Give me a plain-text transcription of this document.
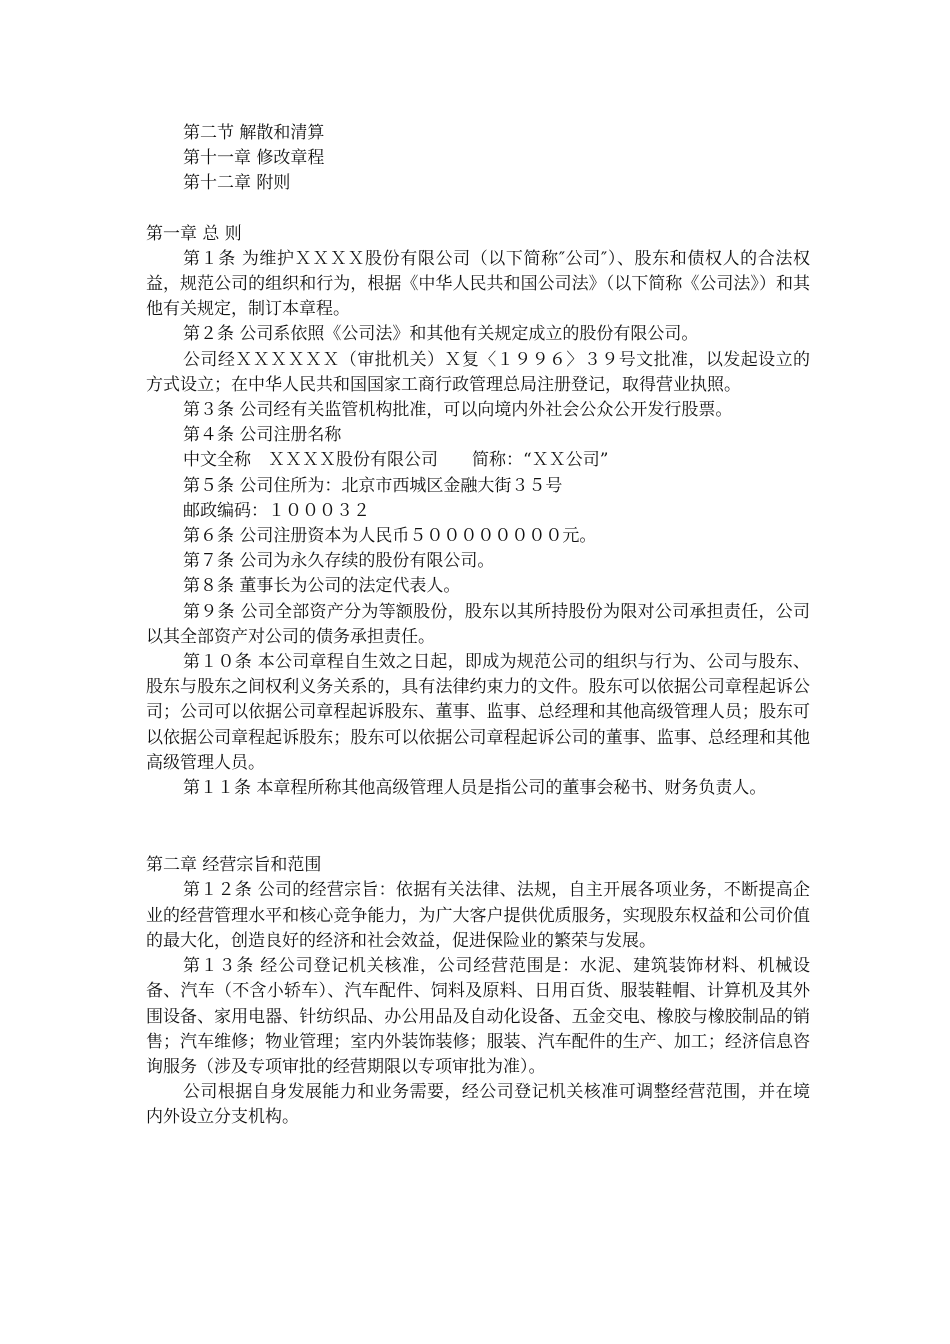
第二节 解散和清算
第十一章 修改章程
第十二章 附则

第一章 总 则

第１条 为维护ＸＸＸＸ股份有限公司（以下简称″公司″）、股东和债权人的合法权益，规范公司的组织和行为，根据《中华人民共和国公司法》（以下简称《公司法》）和其他有关规定，制订本章程。

第２条 公司系依照《公司法》和其他有关规定成立的股份有限公司。

公司经ＸＸＸＸＸＸ（审批机关）Ｘ复〈１９９６〉３９号文批准，以发起设立的方式设立；在中华人民共和国国家工商行政管理总局注册登记，取得营业执照。

第３条 公司经有关监管机构批准，可以向境内外社会公众公开发行股票。

第４条 公司注册名称

中文全称　ＸＸＸＸ股份有限公司　　简称：“ＸＸ公司”

第５条 公司住所为：北京市西城区金融大街３５号

邮政编码：１０００３２

第６条 公司注册资本为人民币５００００００００元。

第７条 公司为永久存续的股份有限公司。

第８条 董事长为公司的法定代表人。

第９条 公司全部资产分为等额股份，股东以其所持股份为限对公司承担责任，公司以其全部资产对公司的债务承担责任。

第１０条 本公司章程自生效之日起，即成为规范公司的组织与行为、公司与股东、股东与股东之间权利义务关系的，具有法律约束力的文件。股东可以依据公司章程起诉公司；公司可以依据公司章程起诉股东、董事、监事、总经理和其他高级管理人员；股东可以依据公司章程起诉股东；股东可以依据公司章程起诉公司的董事、监事、总经理和其他高级管理人员。

第１１条 本章程所称其他高级管理人员是指公司的董事会秘书、财务负责人。

第二章 经营宗旨和范围

第１２条 公司的经营宗旨：依据有关法律、法规，自主开展各项业务，不断提高企业的经营管理水平和核心竞争能力，为广大客户提供优质服务，实现股东权益和公司价值的最大化，创造良好的经济和社会效益，促进保险业的繁荣与发展。

第１３条 经公司登记机关核准，公司经营范围是：水泥、建筑装饰材料、机械设备、汽车（不含小轿车）、汽车配件、饲料及原料、日用百货、服装鞋帽、计算机及其外围设备、家用电器、针纺织品、办公用品及自动化设备、五金交电、橡胶与橡胶制品的销售；汽车维修；物业管理；室内外装饰装修；服装、汽车配件的生产、加工；经济信息咨询服务（涉及专项审批的经营期限以专项审批为准）。

公司根据自身发展能力和业务需要，经公司登记机关核准可调整经营范围，并在境内外设立分支机构。
